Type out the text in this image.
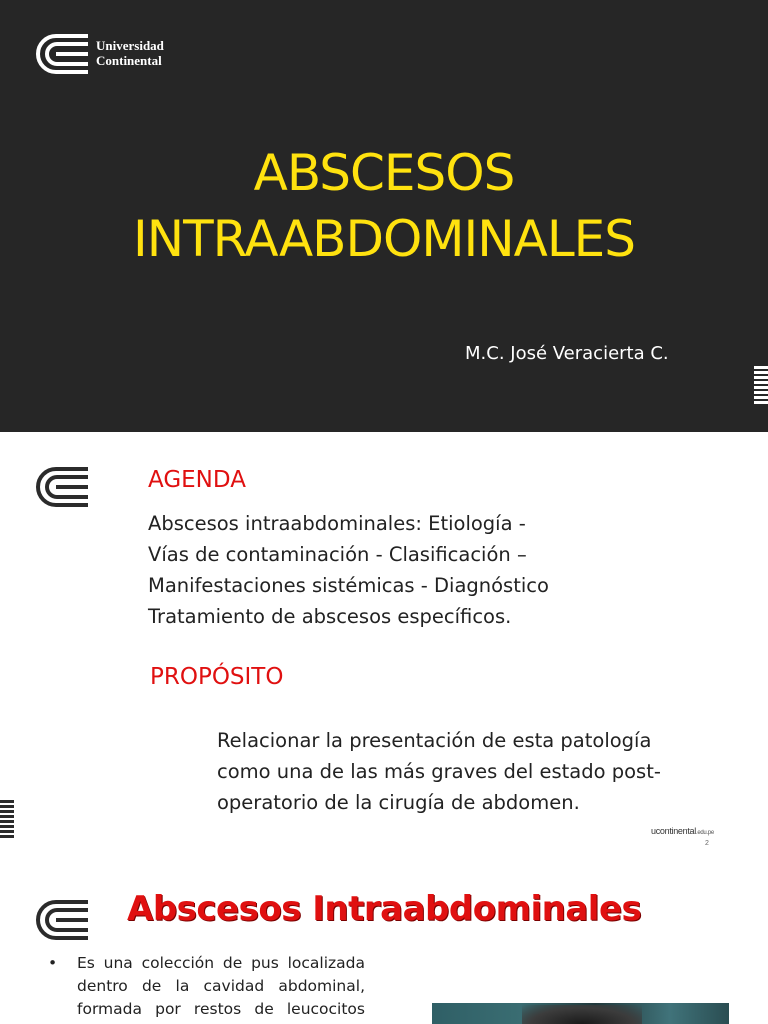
Universidad
Continental
ABSCESOS
INTRAABDOMINALES
M.C. José Veracierta C.
AGENDA
Abscesos intraabdominales: Etiología -
Vías de contaminación - Clasificación –
Manifestaciones sistémicas - Diagnóstico
Tratamiento de abscesos específicos.
PROPÓSITO
Relacionar la presentación de esta patología
como una de las más graves del estado post-
operatorio de la cirugía de abdomen.
ucontinental.edu.pe
2
Abscesos Intraabdominales
• Es una colección de pus localizada
dentro de la cavidad abdominal,
formada por restos de leucocitos
